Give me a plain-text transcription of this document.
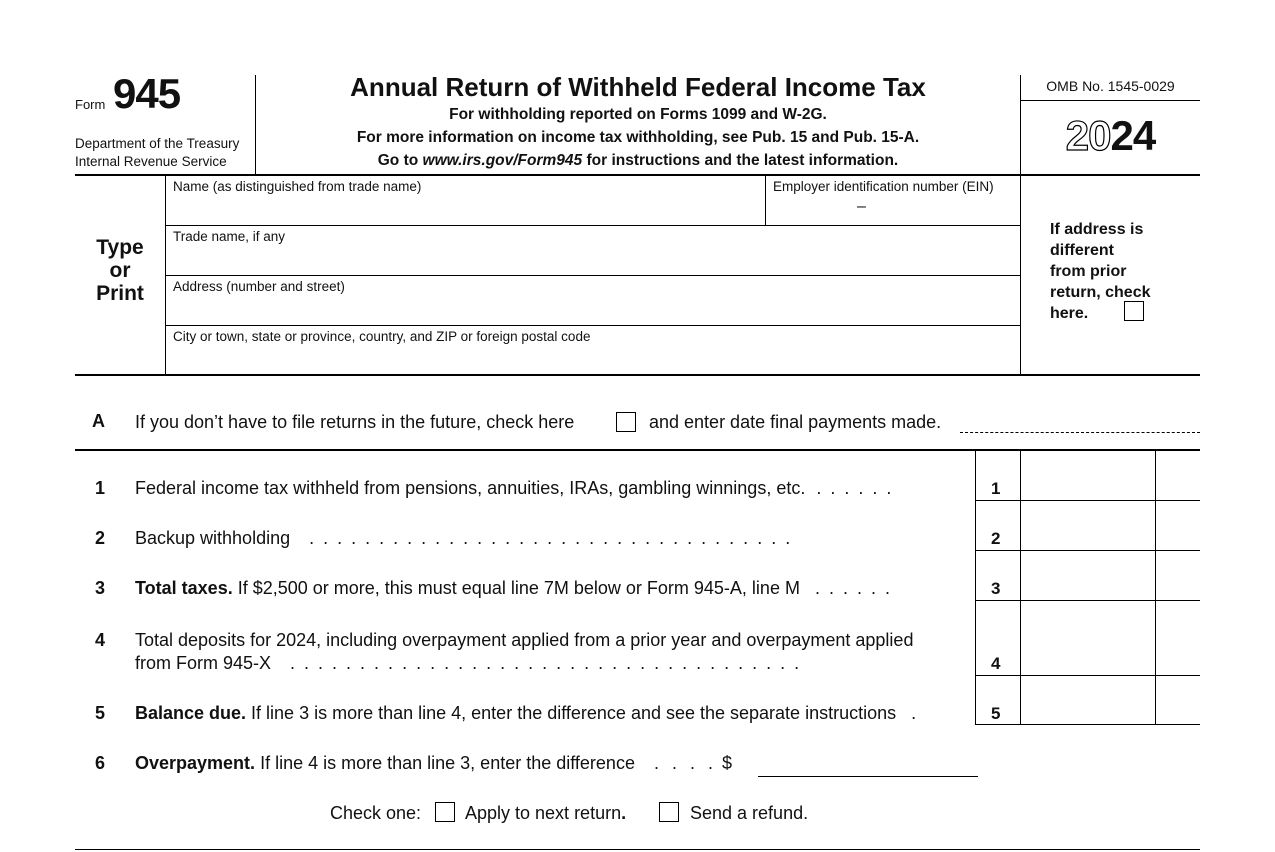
Form 945
Department of the Treasury
Internal Revenue Service
Annual Return of Withheld Federal Income Tax
For withholding reported on Forms 1099 and W-2G.
For more information on income tax withholding, see Pub. 15 and Pub. 15-A.
Go to www.irs.gov/Form945 for instructions and the latest information.
OMB No. 1545-0029
2024
Type
or
Print
Name (as distinguished from trade name)	Employer identification number (EIN)
–
Trade name, if any
Address (number and street)
City or town, state or province, country, and ZIP or foreign postal code
If address is
different
from prior
return, check
here.
A If you don’t have to file returns in the future, check here	and enter date final payments made.
1 Federal income tax withheld from pensions, annuities, IRAs, gambling winnings, etc. . . . . . .	1
2 Backup withholding . . . . . . . . . . . . . . . . . . . . . . . . . . . . . . . . . . .	2
3 Total taxes. If $2,500 or more, this must equal line 7M below or Form 945-A, line M . . . . . .	3
4 Total deposits for 2024, including overpayment applied from a prior year and overpayment applied
from Form 945-X . . . . . . . . . . . . . . . . . . . . . . . . . . . . . . . . . . . . .	4
5 Balance due. If line 3 is more than line 4, enter the difference and see the separate instructions .	5
6 Overpayment. If line 4 is more than line 3, enter the difference . . . . $
Check one: Apply to next return.	Send a refund.
